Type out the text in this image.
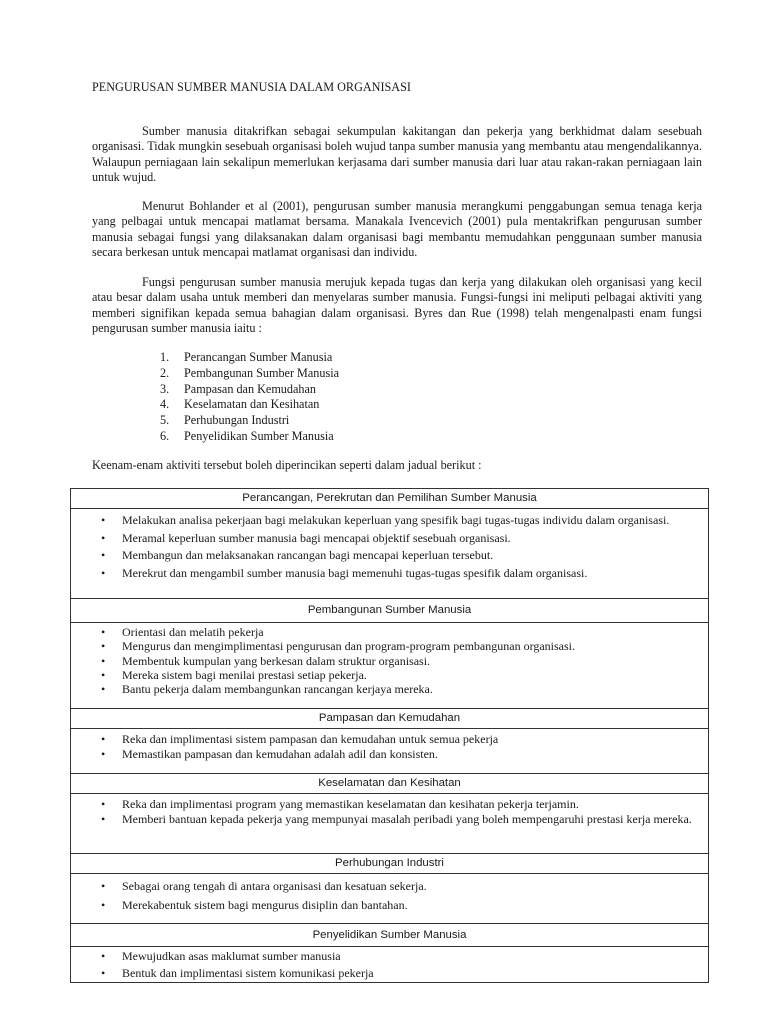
PENGURUSAN SUMBER MANUSIA DALAM ORGANISASI

Sumber manusia ditakrifkan sebagai sekumpulan kakitangan dan pekerja yang berkhidmat dalam sesebuah organisasi. Tidak mungkin sesebuah organisasi boleh wujud tanpa sumber manusia yang membantu atau mengendalikannya. Walaupun perniagaan lain sekalipun memerlukan kerjasama dari sumber manusia dari luar atau rakan-rakan perniagaan lain untuk wujud.

Menurut Bohlander et al (2001), pengurusan sumber manusia merangkumi penggabungan semua tenaga kerja yang pelbagai untuk mencapai matlamat bersama. Manakala Ivencevich (2001) pula mentakrifkan pengurusan sumber manusia sebagai fungsi yang dilaksanakan dalam organisasi bagi membantu memudahkan penggunaan sumber manusia secara berkesan untuk mencapai matlamat organisasi dan individu.

Fungsi pengurusan sumber manusia merujuk kepada tugas dan kerja yang dilakukan oleh organisasi yang kecil atau besar dalam usaha untuk memberi dan menyelaras sumber manusia. Fungsi-fungsi ini meliputi pelbagai aktiviti yang memberi signifikan kepada semua bahagian dalam organisasi. Byres dan Rue (1998) telah mengenalpasti enam fungsi pengurusan sumber manusia iaitu :

1. Perancangan Sumber Manusia
2. Pembangunan Sumber Manusia
3. Pampasan dan Kemudahan
4. Keselamatan dan Kesihatan
5. Perhubungan Industri
6. Penyelidikan Sumber Manusia
Keenam-enam aktiviti tersebut boleh diperincikan seperti dalam jadual berikut :
Perancangan, Perekrutan dan Pemilihan Sumber Manusia

• Melakukan analisa pekerjaan bagi melakukan keperluan yang spesifik bagi tugas-tugas individu dalam organisasi.
• Meramal keperluan sumber manusia bagi mencapai objektif sesebuah organisasi.
• Membangun dan melaksanakan rancangan bagi mencapai keperluan tersebut.
• Merekrut dan mengambil sumber manusia bagi memenuhi tugas-tugas spesifik dalam organisasi.

Pembangunan Sumber Manusia

• Orientasi dan melatih pekerja
• Mengurus dan mengimplimentasi pengurusan dan program-program pembangunan organisasi.
• Membentuk kumpulan yang berkesan dalam struktur organisasi.
• Mereka sistem bagi menilai prestasi setiap pekerja.
• Bantu pekerja dalam membangunkan rancangan kerjaya mereka.

Pampasan dan Kemudahan

• Reka dan implimentasi sistem pampasan dan kemudahan untuk semua pekerja
• Memastikan pampasan dan kemudahan adalah adil dan konsisten.

Keselamatan dan Kesihatan

• Reka dan implimentasi program yang memastikan keselamatan dan kesihatan pekerja terjamin.
• Memberi bantuan kepada pekerja yang mempunyai masalah peribadi yang boleh mempengaruhi prestasi kerja mereka.

Perhubungan Industri

• Sebagai orang tengah di antara organisasi dan kesatuan sekerja.
• Merekabentuk sistem bagi mengurus disiplin dan bantahan.

Penyelidikan Sumber Manusia

• Mewujudkan asas maklumat sumber manusia
• Bentuk dan implimentasi sistem komunikasi pekerja
